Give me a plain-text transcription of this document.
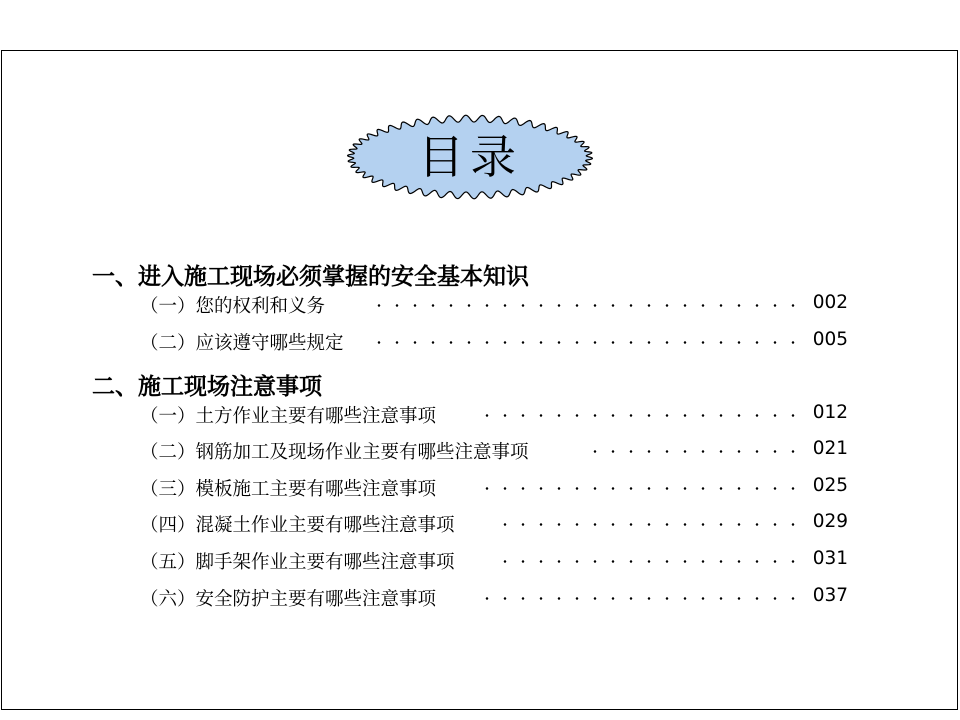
目录
一、进入施工现场必须掌握的安全基本知识
（一）您的权利和义务	002
（二）应该遵守哪些规定	005
二、施工现场注意事项
（一）土方作业主要有哪些注意事项	012
（二）钢筋加工及现场作业主要有哪些注意事项	021
（三）模板施工主要有哪些注意事项	025
（四）混凝土作业主要有哪些注意事项	029
（五）脚手架作业主要有哪些注意事项	031
（六）安全防护主要有哪些注意事项	037
